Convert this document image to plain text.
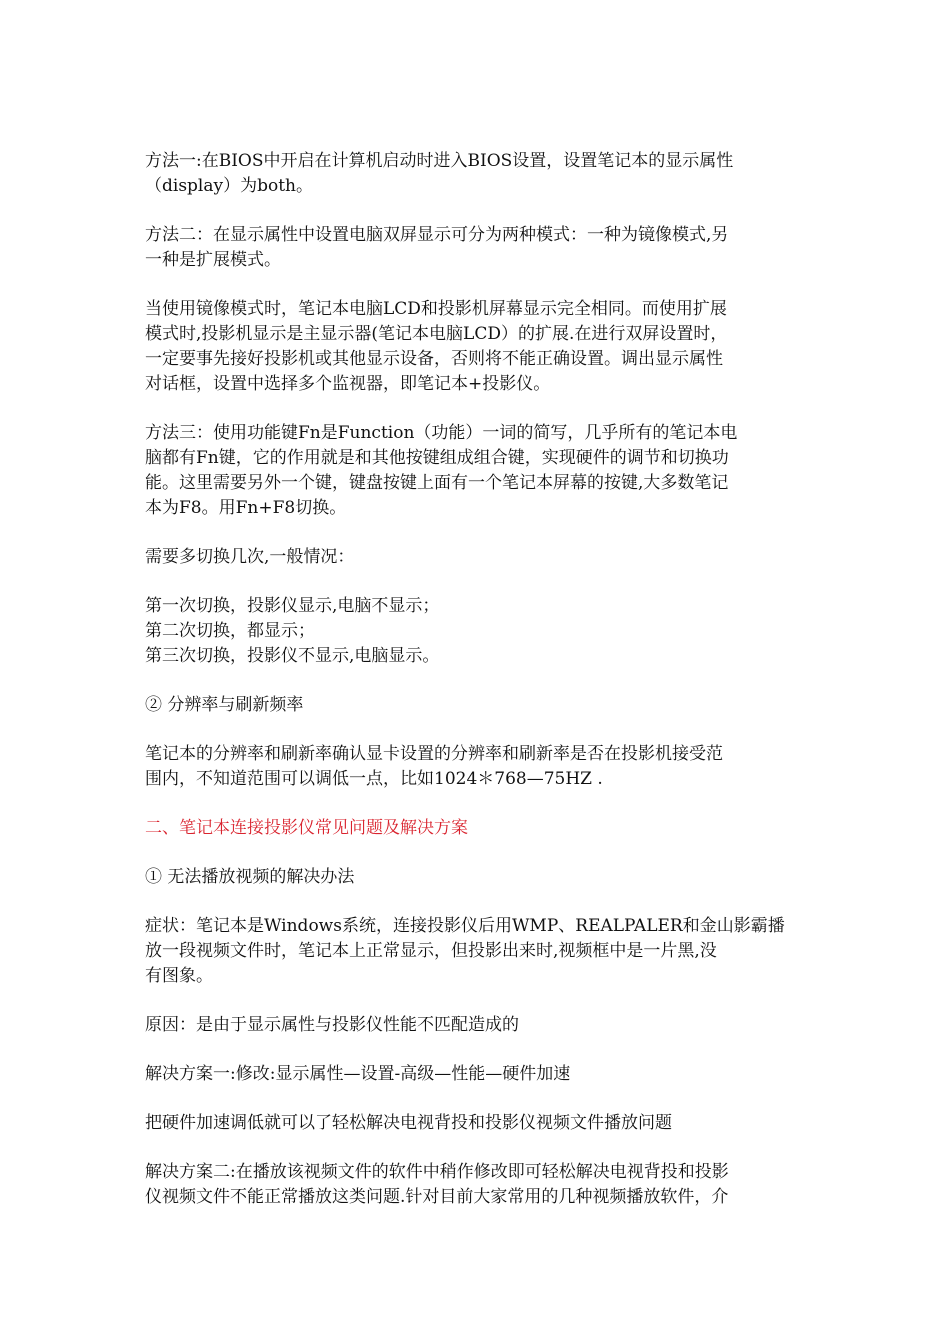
方法一:在BIOS中开启在计算机启动时进入BIOS设置，设置笔记本的显示属性
（display）为both。

方法二：在显示属性中设置电脑双屏显示可分为两种模式：一种为镜像模式,另
一种是扩展模式。

当使用镜像模式时，笔记本电脑LCD和投影机屏幕显示完全相同。而使用扩展
模式时,投影机显示是主显示器(笔记本电脑LCD）的扩展.在进行双屏设置时，
一定要事先接好投影机或其他显示设备，否则将不能正确设置。调出显示属性
对话框，设置中选择多个监视器，即笔记本+投影仪。

方法三：使用功能键Fn是Function（功能）一词的简写，几乎所有的笔记本电
脑都有Fn键，它的作用就是和其他按键组成组合键，实现硬件的调节和切换功
能。这里需要另外一个键，键盘按键上面有一个笔记本屏幕的按键,大多数笔记
本为F8。用Fn+F8切换。

需要多切换几次,一般情况：

第一次切换，投影仪显示,电脑不显示；
第二次切换，都显示；
第三次切换，投影仪不显示,电脑显示。

② 分辨率与刷新频率

笔记本的分辨率和刷新率确认显卡设置的分辨率和刷新率是否在投影机接受范
围内，不知道范围可以调低一点，比如1024＊768—75HZ .

二、笔记本连接投影仪常见问题及解决方案

① 无法播放视频的解决办法

症状：笔记本是Windows系统，连接投影仪后用WMP、REALPALER和金山影霸播
放一段视频文件时，笔记本上正常显示，但投影出来时,视频框中是一片黑,没
有图象。

原因：是由于显示属性与投影仪性能不匹配造成的

解决方案一:修改:显示属性—设置-高级—性能—硬件加速

把硬件加速调低就可以了轻松解决电视背投和投影仪视频文件播放问题

解决方案二:在播放该视频文件的软件中稍作修改即可轻松解决电视背投和投影
仪视频文件不能正常播放这类问题.针对目前大家常用的几种视频播放软件，介
